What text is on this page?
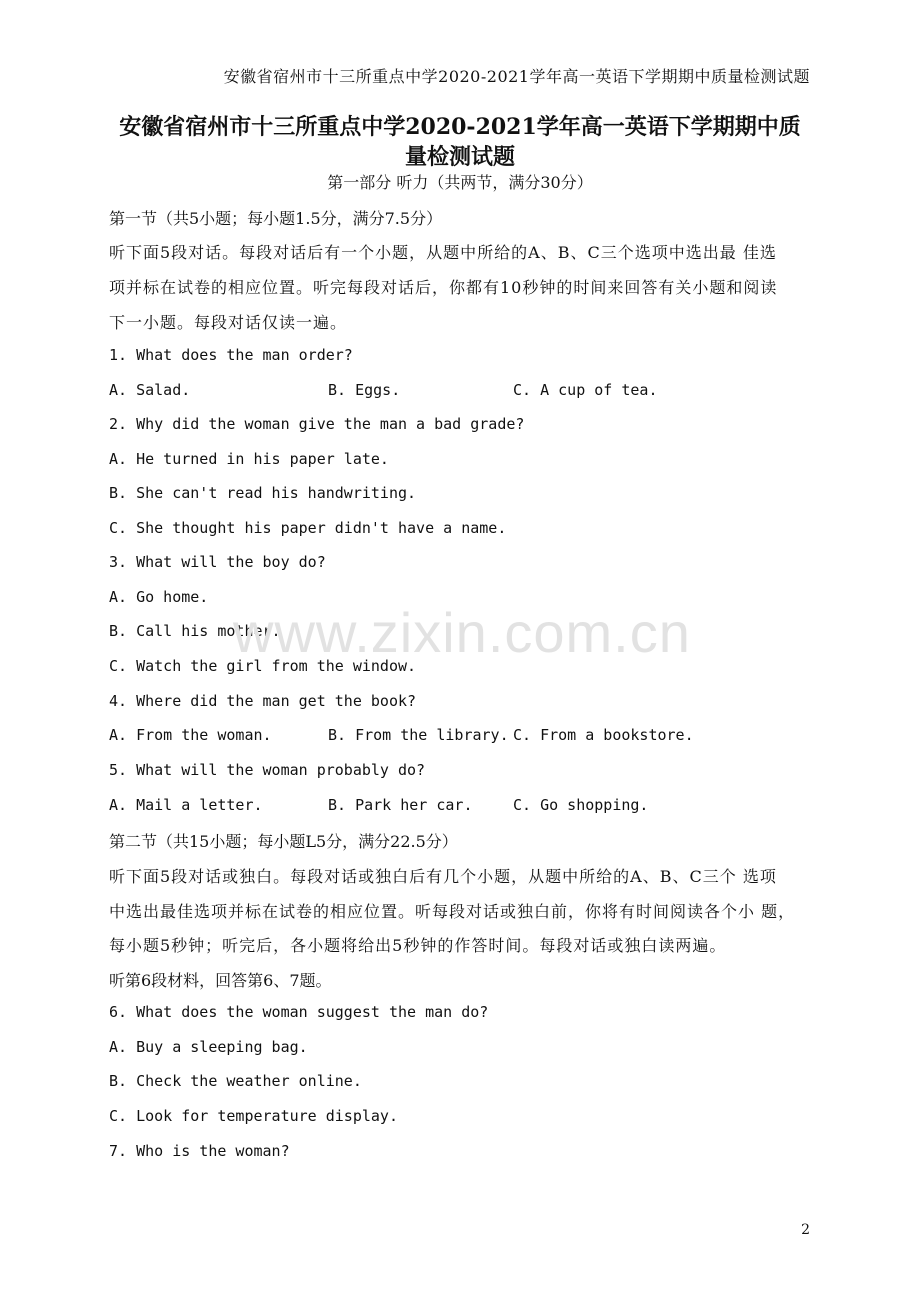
安徽省宿州市十三所重点中学2020-2021学年高一英语下学期期中质量检测试题
安徽省宿州市十三所重点中学2020-2021学年高一英语下学期期中质
量检测试题
第一部分 听力（共两节，满分30分）
第一节（共5小题；每小题1.5分，满分7.5分）
听下面5段对话。每段对话后有一个小题，从题中所给的A、B、C三个选项中选出最 佳选
项并标在试卷的相应位置。听完每段对话后，你都有10秒钟的时间来回答有关小题和阅读
下一小题。每段对话仅读一遍。
1. What does the man order?
A. Salad.	B. Eggs.	C. A cup of tea.
2. Why did the woman give the man a bad grade?
A. He turned in his paper late.
B. She can't read his handwriting.
C. She thought his paper didn't have a name.
3. What will the boy do?
A. Go home.
B. Call his mother.
C. Watch the girl from the window.
4. Where did the man get the book?
A. From the woman.	B. From the library. C. From a bookstore.
5. What will the woman probably do?
A. Mail a letter.	B. Park her car.	C. Go shopping.
第二节（共15小题；每小题L5分，满分22.5分）
听下面5段对话或独白。每段对话或独白后有几个小题，从题中所给的A、B、C三个 选项
中选出最佳选项并标在试卷的相应位置。听每段对话或独白前，你将有时间阅读各个小 题，
每小题5秒钟；听完后，各小题将给出5秒钟的作答时间。每段对话或独白读两遍。
听第6段材料，回答第6、7题。
6. What does the woman suggest the man do?
A. Buy a sleeping bag.
B. Check the weather online.
C. Look for temperature display.
7. Who is the woman?
www.zixin.com.cn
2
